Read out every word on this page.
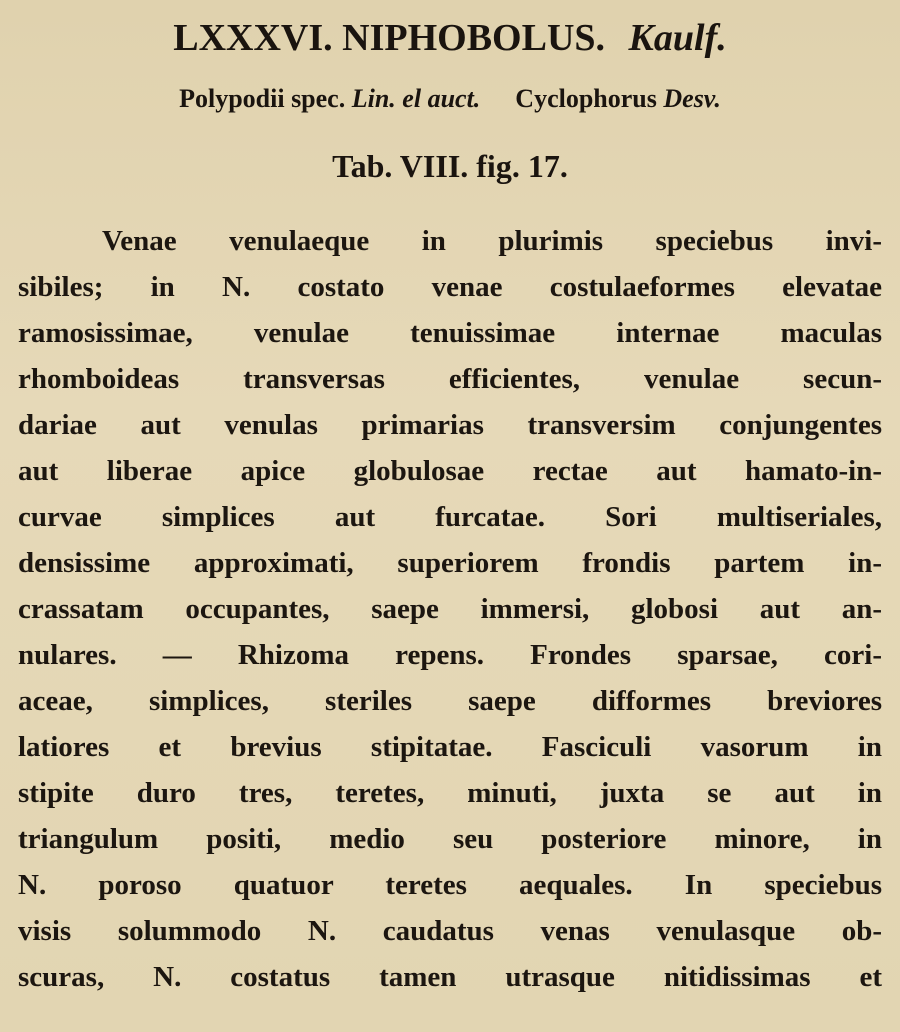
LXXXVI. NIPHOBOLUS. Kaulf.
Polypodii spec. Lin. el auct. Cyclophorus Desv.
Tab. VIII. fig. 17.
Venae venulaeque in plurimis speciebus invi-
sibiles; in N. costato venae costulaeformes elevatae
ramosissimae, venulae tenuissimae internae maculas
rhomboideas transversas efficientes, venulae secun-
dariae aut venulas primarias transversim conjungentes
aut liberae apice globulosae rectae aut hamato-in-
curvae simplices aut furcatae. Sori multiseriales,
densissime approximati, superiorem frondis partem in-
crassatam occupantes, saepe immersi, globosi aut an-
nulares. — Rhizoma repens. Frondes sparsae, cori-
aceae, simplices, steriles saepe difformes breviores
latiores et brevius stipitatae. Fasciculi vasorum in
stipite duro tres, teretes, minuti, juxta se aut in
triangulum positi, medio seu posteriore minore, in
N. poroso quatuor teretes aequales. In speciebus
visis solummodo N. caudatus venas venulasque ob-
scuras, N. costatus tamen utrasque nitidissimas et
